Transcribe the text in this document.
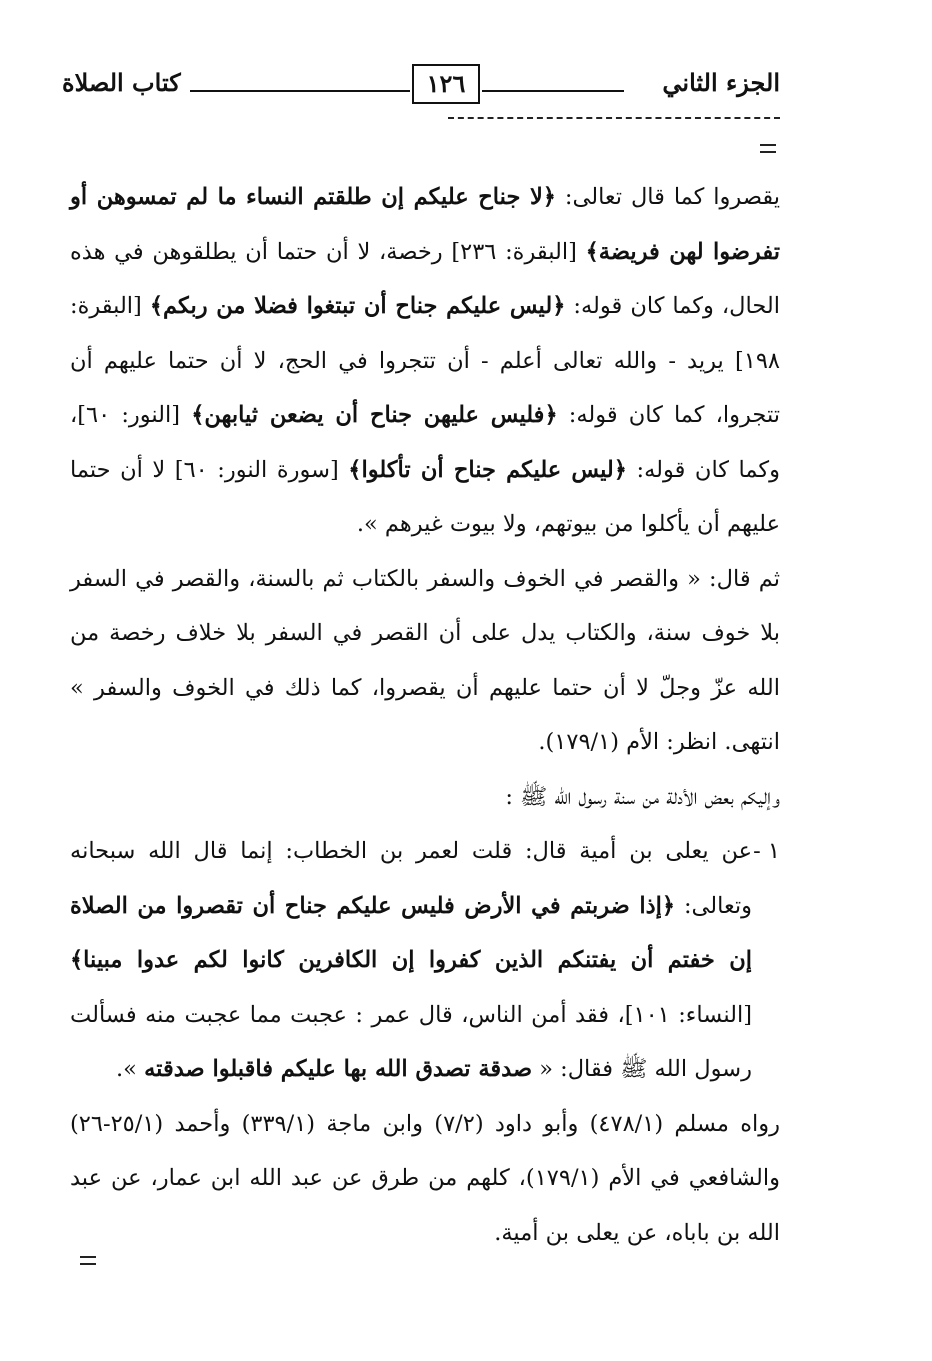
الجزء الثاني
١٢٦
كتاب الصلاة

يقصروا كما قال تعالى: ﴿لا جناح عليكم إن طلقتم النساء ما لم تمسوهن أو تفرضوا لهن فريضة﴾ [البقرة: ٢٣٦] رخصة، لا أن حتما أن يطلقوهن في هذه الحال، وكما كان قوله: ﴿ليس عليكم جناح أن تبتغوا فضلا من ربكم﴾ [البقرة: ١٩٨] يريد - والله تعالى أعلم - أن تتجروا في الحج، لا أن حتما عليهم أن تتجروا، كما كان قوله: ﴿فليس عليهن جناح أن يضعن ثيابهن﴾ [النور: ٦٠]، وكما كان قوله: ﴿ليس عليكم جناح أن تأكلوا﴾ [سورة النور: ٦٠] لا أن حتما عليهم أن يأكلوا من بيوتهم، ولا بيوت غيرهم ».

ثم قال: « والقصر في الخوف والسفر بالكتاب ثم بالسنة، والقصر في السفر بلا خوف سنة، والكتاب يدل على أن القصر في السفر بلا خلاف رخصة من الله عزّ وجلّ لا أن حتما عليهم أن يقصروا، كما ذلك في الخوف والسفر » انتهى. انظر: الأم (١٧٩/١).

وإليكم بعض الأدلة من سنة رسول الله ﷺ :

١ -
عن يعلى بن أمية قال: قلت لعمر بن الخطاب: إنما قال الله سبحانه وتعالى: ﴿إذا ضربتم في الأرض فليس عليكم جناح أن تقصروا من الصلاة إن خفتم أن يفتنكم الذين كفروا إن الكافرين كانوا لكم عدوا مبينا﴾ [النساء: ١٠١]، فقد أمن الناس، قال عمر : عجبت مما عجبت منه فسألت رسول الله ﷺ فقال: « صدقة تصدق الله بها عليكم فاقبلوا صدقته ».

رواه مسلم (٤٧٨/١) وأبو داود (٧/٢) وابن ماجة (٣٣٩/١) وأحمد (٢٥/١-٢٦) والشافعي في الأم (١٧٩/١)، كلهم من طرق عن عبد الله ابن عمار، عن عبد الله بن باباه، عن يعلى بن أمية.
